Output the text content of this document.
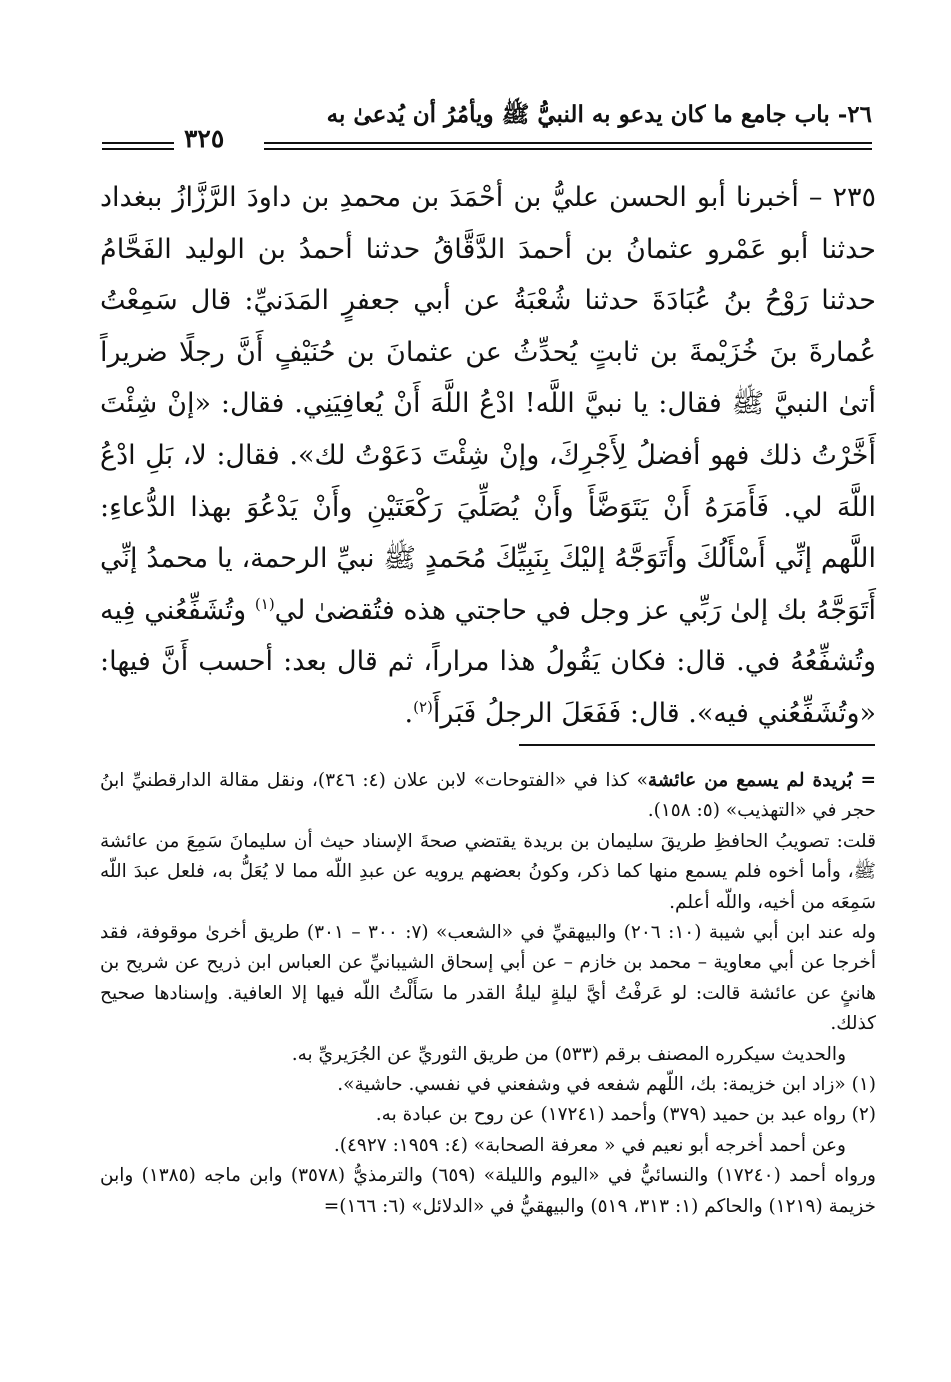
٢٦- باب جامع ما كان يدعو به النبيُّ ﷺ ويأمُرُ أن يُدعىٰ به
٣٢٥
٢٣٥ – أخبرنا أبو الحسن عليُّ بن أحْمَدَ بن محمدِ بن داودَ الرَّزَّازُ ببغداد حدثنا أبو عَمْرو عثمانُ بن أحمدَ الدَّقَّاقُ حدثنا أحمدُ بن الوليد الفَحَّامُ حدثنا رَوْحُ بنُ عُبَادَةَ حدثنا شُعْبَةُ عن أبي جعفرٍ المَدَنيِّ: قال سَمِعْتُ عُمارةَ بنَ خُزَيْمةَ بن ثابتٍ يُحدِّثُ عن عثمانَ بن حُنَيْفٍ أَنَّ رجلًا ضريراً أتىٰ النبيَّ ﷺ فقال: يا نبيَّ اللَّه! ادْعُ اللَّهَ أَنْ يُعافِيَنِي. فقال: «إنْ شِئْتَ أَخَّرْتُ ذلك فهو أفضلُ لِأَجْرِكَ، وإنْ شِئْتَ دَعَوْتُ لك». فقال: لا، بَلِ ادْعُ اللَّهَ لي. فَأَمَرَهُ أَنْ يَتَوَضَّأَ وأَنْ يُصَلِّيَ رَكْعَتَيْنِ وأَنْ يَدْعُوَ بهذا الدُّعاءِ: اللَّهم إنِّي أَسْأَلُكَ وأَتَوَجَّهُ إليْكَ بِنَبِيِّكَ مُحَمدٍ ﷺ نبيِّ الرحمة، يا محمدُ إنِّي أَتَوَجَّهُ بك إلىٰ رَبِّي عز وجل في حاجتي هذه فتُقضىٰ لي$^{(١)}$ وتُشَفِّعُني فِيه وتُشفِّعُهُ في. قال: فكان يَقُولُ هذا مراراً، ثم قال بعد: أحسب أَنَّ فيها: «وتُشَفِّعُني فيه». قال: فَفَعَلَ الرجلُ فَبَرأَ$^{(٢)}$.

= بُريدة لم يسمع من عائشة» كذا في «الفتوحات» لابن علان (٤: ٣٤٦)، ونقل مقالة الدارقطنيِّ ابنُ حجر في «التهذيب» (٥: ١٥٨).

قلت: تصويبُ الحافظِ طريقَ سليمان بن بريدة يقتضي صحةَ الإسناد حيث أن سليمانَ سَمِعَ من عائشة ﷺ، وأما أخوه فلم يسمع منها كما ذكر، وكونُ بعضهم يرويه عن عبدِ اللّه مما لا يُعَلُّ به، فلعل عبدَ اللّه سَمِعَه من أخيه، واللّه أعلم.

وله عند ابن أبي شيبة (١٠: ٢٠٦) والبيهقيِّ في «الشعب» (٧: ٣٠٠ – ٣٠١) طريق أخرىٰ موقوفة، فقد أخرجا عن أبي معاوية – محمد بن خازم – عن أبي إسحاق الشيبانيِّ عن العباس ابن ذريح عن شريح بن هانئٍ عن عائشة قالت: لو عَرفْتُ أيَّ ليلةٍ ليلةُ القدر ما سَأَلْتُ اللّه فيها إلا العافية. وإسنادها صحيح كذلك.

والحديث سيكرره المصنف برقم (٥٣٣) من طريق الثوريِّ عن الجُرَيريِّ به.

(١) «زاد ابن خزيمة: بك، اللّهم شفعه في وشفعني في نفسي. حاشية».

(٢) رواه عبد بن حميد (٣٧٩) وأحمد (١٧٢٤١) عن روح بن عبادة به.

وعن أحمد أخرجه أبو نعيم في « معرفة الصحابة» (٤: ١٩٥٩: ٤٩٢٧).

ورواه أحمد (١٧٢٤٠) والنسائيُّ في «اليوم والليلة» (٦٥٩) والترمذيُّ (٣٥٧٨) وابن ماجه (١٣٨٥) وابن خزيمة (١٢١٩) والحاكم (١: ٣١٣، ٥١٩) والبيهقيُّ في «الدلائل» (٦: ١٦٦)=
